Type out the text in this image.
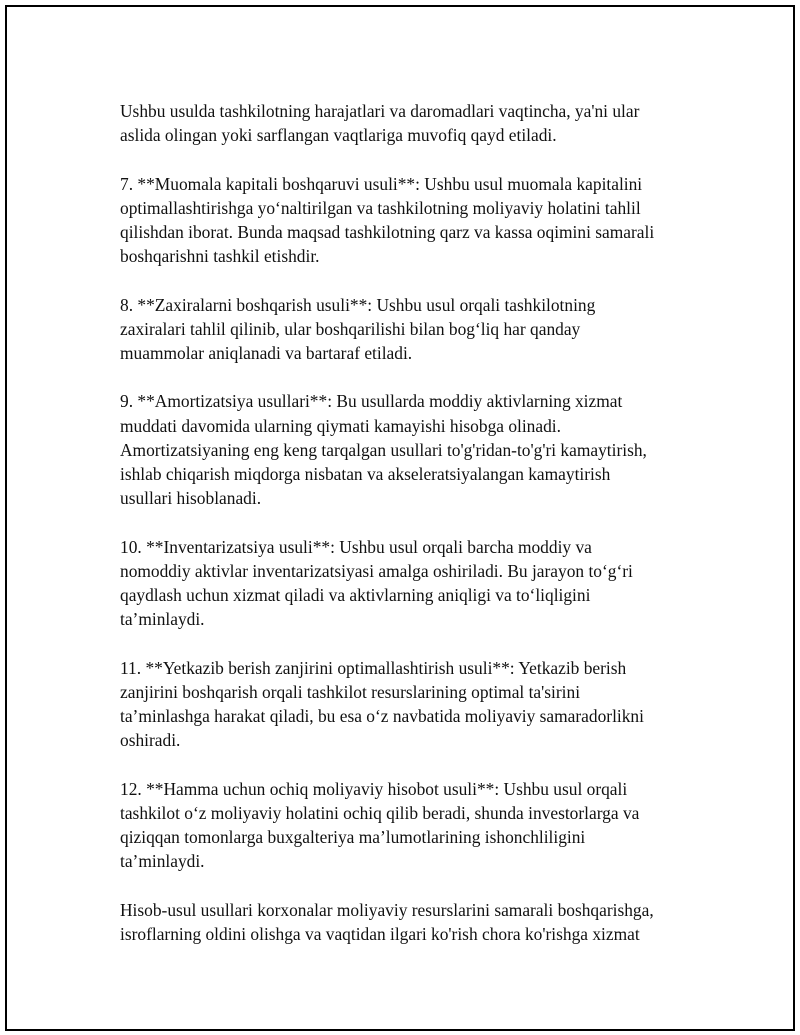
Ushbu usulda tashkilotning harajatlari va daromadlari vaqtincha, ya'ni ular
aslida olingan yoki sarflangan vaqtlariga muvofiq qayd etiladi.

7. **Muomala kapitali boshqaruvi usuli**: Ushbu usul muomala kapitalini
optimallashtirishga yo‘naltirilgan va tashkilotning moliyaviy holatini tahlil
qilishdan iborat. Bunda maqsad tashkilotning qarz va kassa oqimini samarali
boshqarishni tashkil etishdir.

8. **Zaxiralarni boshqarish usuli**: Ushbu usul orqali tashkilotning
zaxiralari tahlil qilinib, ular boshqarilishi bilan bog‘liq har qanday
muammolar aniqlanadi va bartaraf etiladi.

9. **Amortizatsiya usullari**: Bu usullarda moddiy aktivlarning xizmat
muddati davomida ularning qiymati kamayishi hisobga olinadi.
Amortizatsiyaning eng keng tarqalgan usullari to'g'ridan-to'g'ri kamaytirish,
ishlab chiqarish miqdorga nisbatan va akseleratsiyalangan kamaytirish
usullari hisoblanadi.

10. **Inventarizatsiya usuli**: Ushbu usul orqali barcha moddiy va
nomoddiy aktivlar inventarizatsiyasi amalga oshiriladi. Bu jarayon to‘g‘ri
qaydlash uchun xizmat qiladi va aktivlarning aniqligi va to‘liqligini
ta’minlaydi.

11. **Yetkazib berish zanjirini optimallashtirish usuli**: Yetkazib berish
zanjirini boshqarish orqali tashkilot resurslarining optimal ta'sirini
ta’minlashga harakat qiladi, bu esa o‘z navbatida moliyaviy samaradorlikni
oshiradi.

12. **Hamma uchun ochiq moliyaviy hisobot usuli**: Ushbu usul orqali
tashkilot o‘z moliyaviy holatini ochiq qilib beradi, shunda investorlarga va
qiziqqan tomonlarga buxgalteriya ma’lumotlarining ishonchliligini
ta’minlaydi.

Hisob-usul usullari korxonalar moliyaviy resurslarini samarali boshqarishga,
isroflarning oldini olishga va vaqtidan ilgari ko'rish chora ko'rishga xizmat
